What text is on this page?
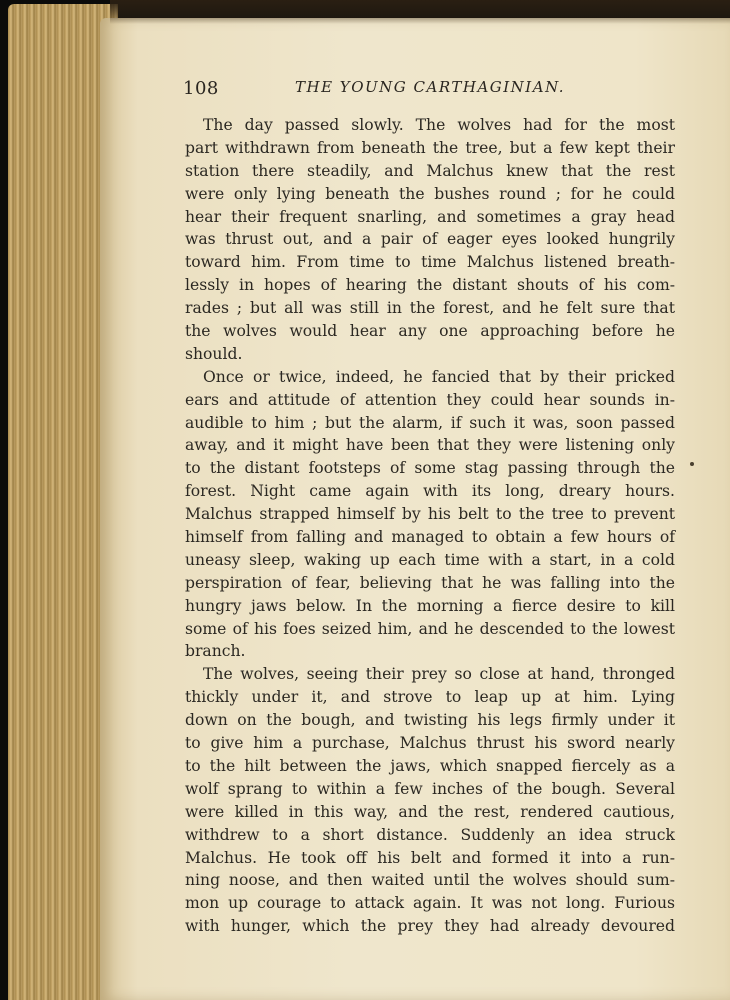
108	THE YOUNG CARTHAGINIAN.
The day passed slowly. The wolves had for the most
part withdrawn from beneath the tree, but a few kept their
station there steadily, and Malchus knew that the rest
were only lying beneath the bushes round ; for he could
hear their frequent snarling, and sometimes a gray head
was thrust out, and a pair of eager eyes looked hungrily
toward him. From time to time Malchus listened breath-
lessly in hopes of hearing the distant shouts of his com-
rades ; but all was still in the forest, and he felt sure that
the wolves would hear any one approaching before he
should.
Once or twice, indeed, he fancied that by their pricked
ears and attitude of attention they could hear sounds in-
audible to him ; but the alarm, if such it was, soon passed
away, and it might have been that they were listening only
to the distant footsteps of some stag passing through the
forest. Night came again with its long, dreary hours.
Malchus strapped himself by his belt to the tree to prevent
himself from falling and managed to obtain a few hours of
uneasy sleep, waking up each time with a start, in a cold
perspiration of fear, believing that he was falling into the
hungry jaws below. In the morning a fierce desire to kill
some of his foes seized him, and he descended to the lowest
branch.
The wolves, seeing their prey so close at hand, thronged
thickly under it, and strove to leap up at him. Lying
down on the bough, and twisting his legs firmly under it
to give him a purchase, Malchus thrust his sword nearly
to the hilt between the jaws, which snapped fiercely as a
wolf sprang to within a few inches of the bough. Several
were killed in this way, and the rest, rendered cautious,
withdrew to a short distance. Suddenly an idea struck
Malchus. He took off his belt and formed it into a run-
ning noose, and then waited until the wolves should sum-
mon up courage to attack again. It was not long. Furious
with hunger, which the prey they had already devoured
